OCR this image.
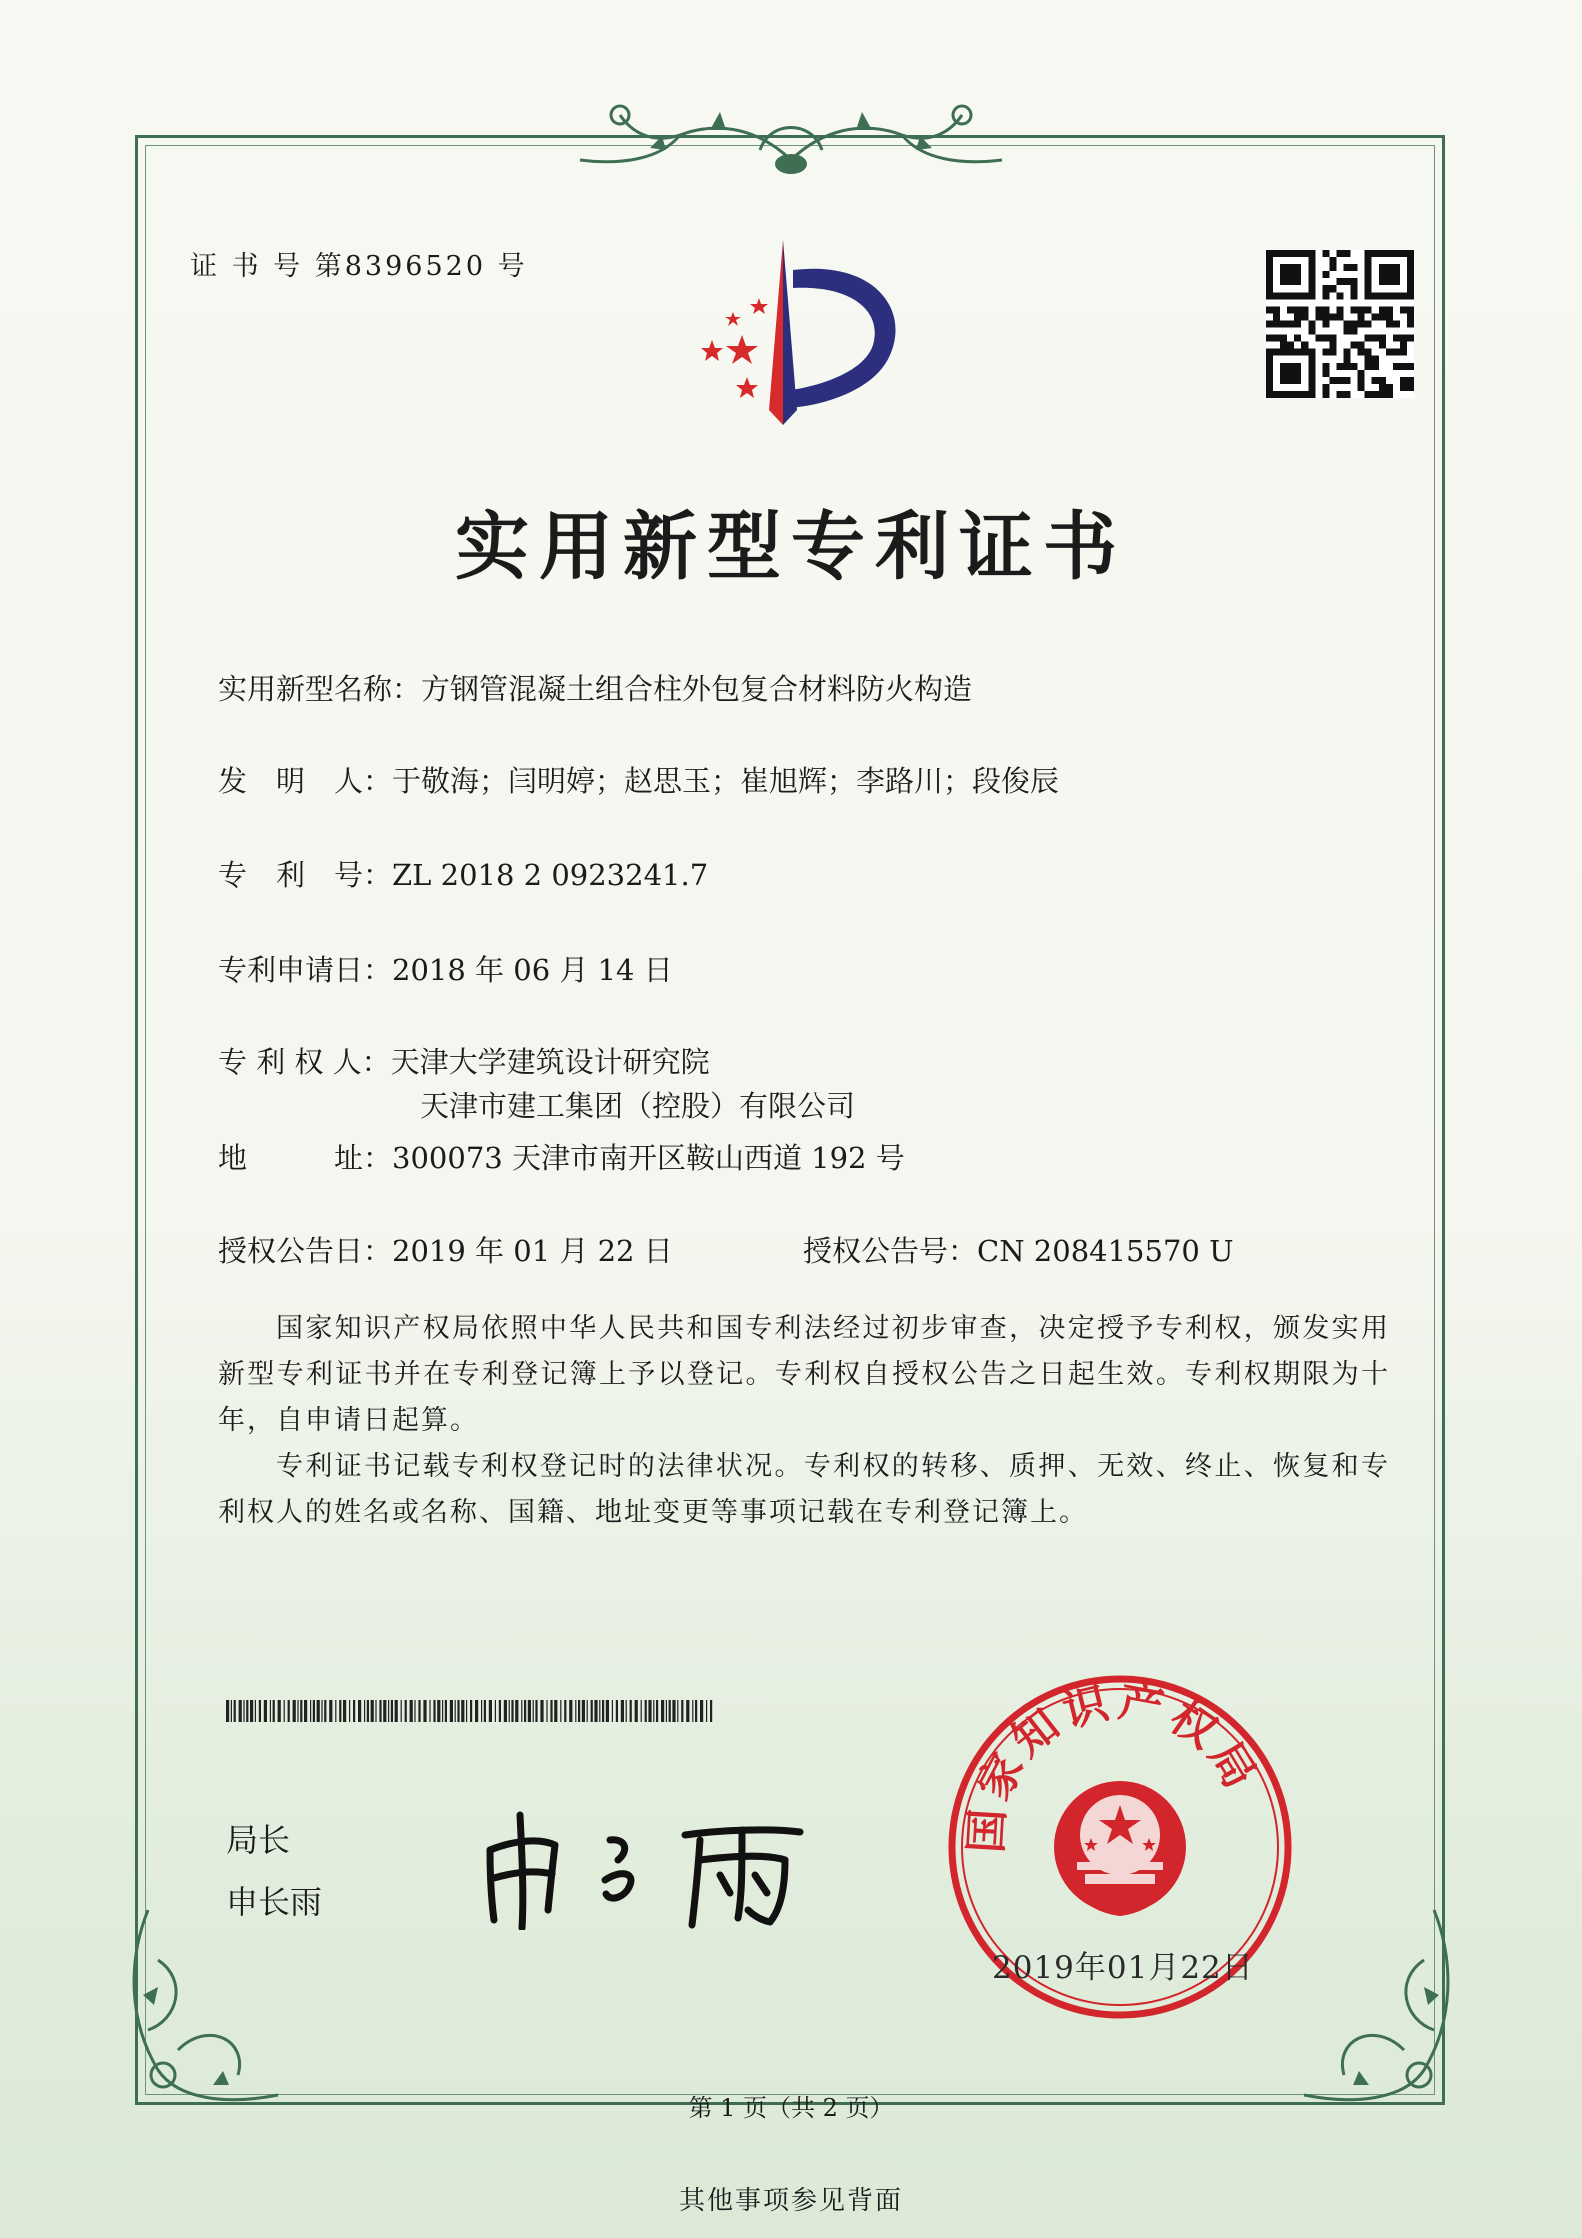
证 书 号 第8396520 号
实用新型专利证书
实用新型名称：方钢管混凝土组合柱外包复合材料防火构造
发　明　人：于敬海；闫明婷；赵思玉；崔旭辉；李路川；段俊辰
专　利　号：ZL 2018 2 0923241.7
专利申请日：2018 年 06 月 14 日
专 利 权 人：天津大学建筑设计研究院
天津市建工集团（控股）有限公司
地　　　址：300073 天津市南开区鞍山西道 192 号
授权公告日：2019 年 01 月 22 日	授权公告号：CN 208415570 U
国家知识产权局依照中华人民共和国专利法经过初步审查，决定授予专利权，颁发实用新型专利证书并在专利登记簿上予以登记。专利权自授权公告之日起生效。专利权期限为十年，自申请日起算。
专利证书记载专利权登记时的法律状况。专利权的转移、质押、无效、终止、恢复和专利权人的姓名或名称、国籍、地址变更等事项记载在专利登记簿上。
局长
申长雨
国家知识产权局
2019年01月22日
第 1 页（共 2 页）
其他事项参见背面
